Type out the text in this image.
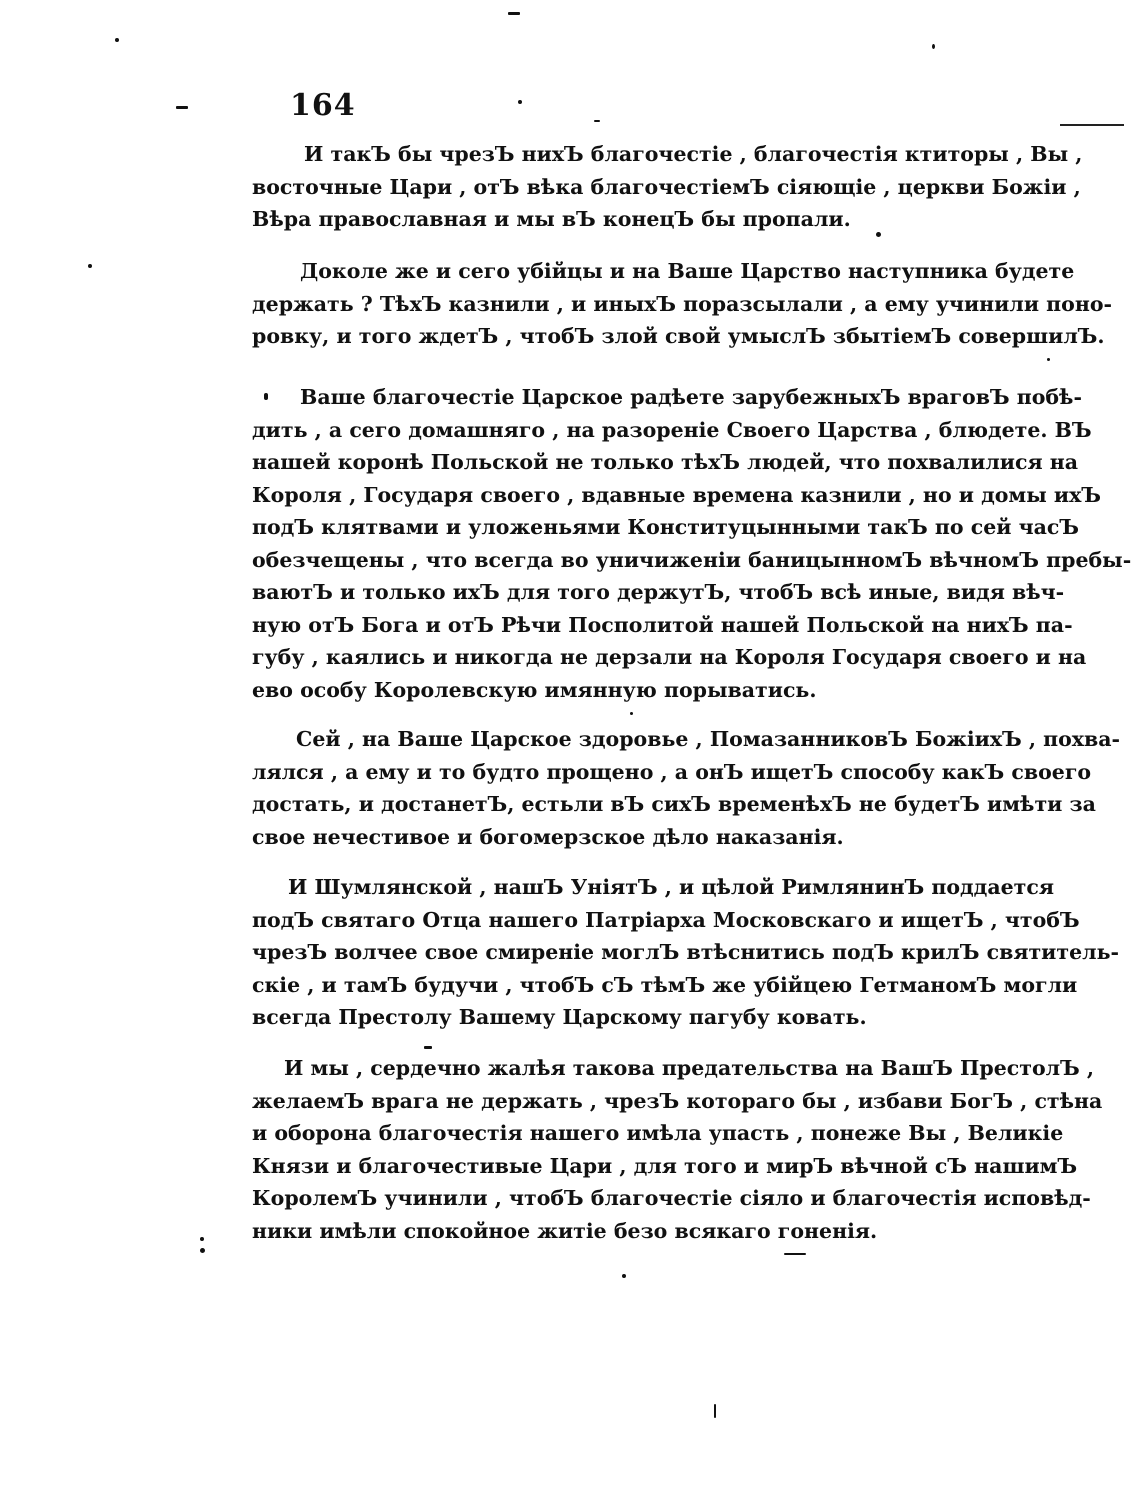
164
И такЪ бы чрезЪ нихЪ благочестіе , благочестія ктиторы , Вы ,
восточные Цари , отЪ вѣка благочестіемЪ сіяющіе , церкви Божіи ,
Вѣра православная и мы вЪ конецЪ бы пропали.
Доколе же и сего убійцы и на Ваше Царство наступника будете
держать ? ТѣхЪ казнили , и иныхЪ поразсылали , а ему учинили поно-
ровку, и того ждетЪ , чтобЪ злой свой умыслЪ збытіемЪ совершилЪ.
Ваше благочестіе Царское радѣете зарубежныхЪ враговЪ побѣ-
дить , а сего домашняго , на разореніе Своего Царства , блюдете. ВЪ
нашей коронѣ Польской не только тѣхЪ людей, что похвалилися на
Короля , Государя своего , вдавные времена казнили , но и домы ихЪ
подЪ клятвами и уложеньями Конституцынными такЪ по сей часЪ
обезчещены , что всегда во уничиженіи баницынномЪ вѣчномЪ пребы-
ваютЪ и только ихЪ для того держутЪ, чтобЪ всѣ иные, видя вѣч-
ную отЪ Бога и отЪ Рѣчи Посполитой нашей Польской на нихЪ па-
губу , каялись и никогда не дерзали на Короля Государя своего и на
ево особу Королевскую имянную порыватись.
Сей , на Ваше Царское здоровье , ПомазанниковЪ БожіихЪ , похва-
лялся , а ему и то будто прощено , а онЪ ищетЪ способу какЪ своего
достать, и достанетЪ, естьли вЪ сихЪ временѣхЪ не будетЪ имѣти за
свое нечестивое и богомерзское дѣло наказанія.
И Шумлянской , нашЪ УніятЪ , и цѣлой РимлянинЪ поддается
подЪ святаго Отца нашего Патріарха Московскаго и ищетЪ , чтобЪ
чрезЪ волчее свое смиреніе моглЪ втѣснитись подЪ крилЪ святитель-
скіе , и тамЪ будучи , чтобЪ сЪ тѣмЪ же убійцею ГетманомЪ могли
всегда Престолу Вашему Царскому пагубу ковать.
И мы , сердечно жалѣя такова предательства на ВашЪ ПрестолЪ ,
желаемЪ врага не держать , чрезЪ котораго бы , избави БогЪ , стѣна
и оборона благочестія нашего имѣла упасть , понеже Вы , Великіе
Князи и благочестивые Цари , для того и мирЪ вѣчной сЪ нашимЪ
КоролемЪ учинили , чтобЪ благочестіе сіяло и благочестія исповѣд-
ники имѣли спокойное житіе безо всякаго гоненія.
